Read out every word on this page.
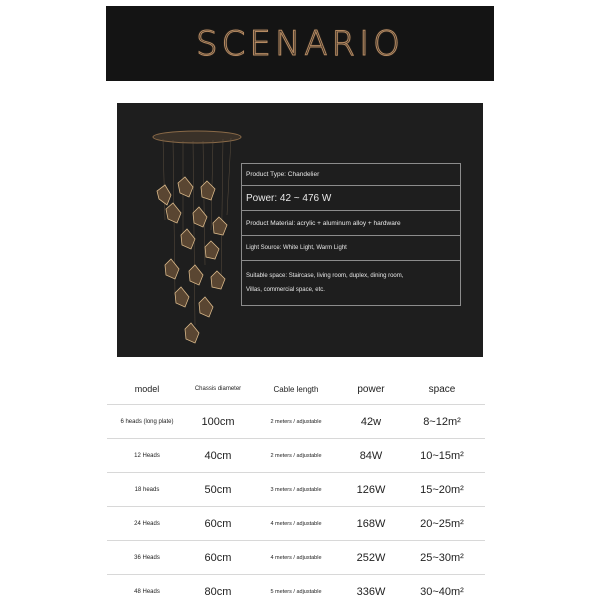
SCENARIO
Product Type: Chandelier
Power: 42 ~ 476 W
Product Material: acrylic + aluminum alloy + hardware
Light Source: White Light, Warm Light
Suitable space: Staircase, living room, duplex, dining room,
Villas, commercial space, etc.
model	Chassis diameter	Cable length	power	space
6 heads (long plate)	100cm	2 meters / adjustable	42w	8~12m²
12 Heads	40cm	2 meters / adjustable	84W	10~15m²
18 heads	50cm	3 meters / adjustable	126W	15~20m²
24 Heads	60cm	4 meters / adjustable	168W	20~25m²
36 Heads	60cm	4 meters / adjustable	252W	25~30m²
48 Heads	80cm	5 meters / adjustable	336W	30~40m²
